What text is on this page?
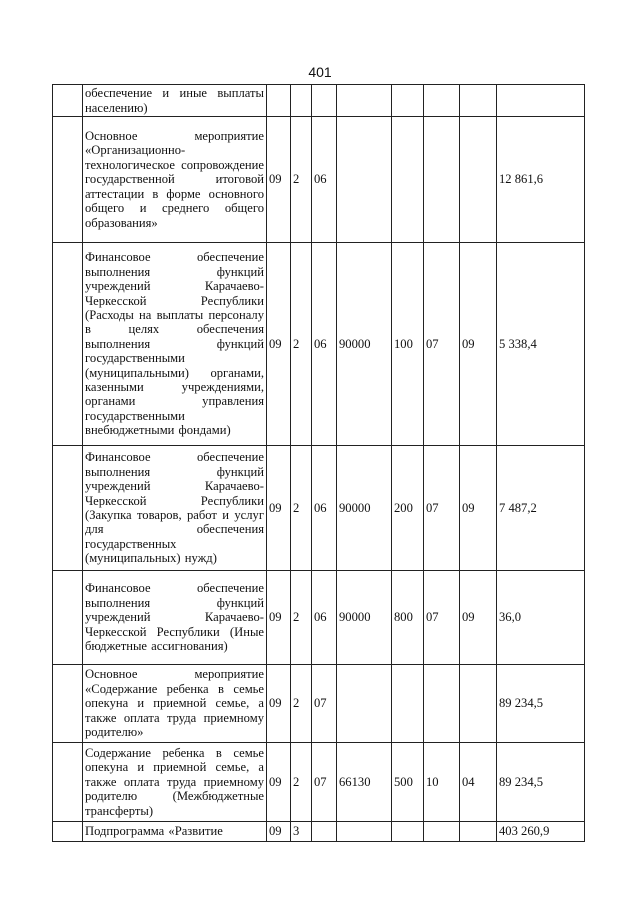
401
	обеспечение и иные выплаты населению)								
	Основное мероприятие «Организационно-технологическое сопровождение государственной итоговой аттестации в форме основного общего и среднего общего образования»	09	2	06					12 861,6
	Финансовое обеспечение выполнения функций учреждений Карачаево-Черкесской Республики (Расходы на выплаты персоналу в целях обеспечения выполнения функций государственными (муниципальными) органами, казенными учреждениями, органами управления государственными внебюджетными фондами)	09	2	06	90000	100	07	09	5 338,4
	Финансовое обеспечение выполнения функций учреждений Карачаево-Черкесской Республики (Закупка товаров, работ и услуг для обеспечения государственных (муниципальных) нужд)	09	2	06	90000	200	07	09	7 487,2
	Финансовое обеспечение выполнения функций учреждений Карачаево-Черкесской Республики (Иные бюджетные ассигнования)	09	2	06	90000	800	07	09	36,0
	Основное мероприятие «Содержание ребенка в семье опекуна и приемной семье, а также оплата труда приемному родителю»	09	2	07					89 234,5
	Содержание ребенка в семье опекуна и приемной семье, а также оплата труда приемному родителю (Межбюджетные трансферты)	09	2	07	66130	500	10	04	89 234,5
	Подпрограмма «Развитие	09	3						403 260,9
